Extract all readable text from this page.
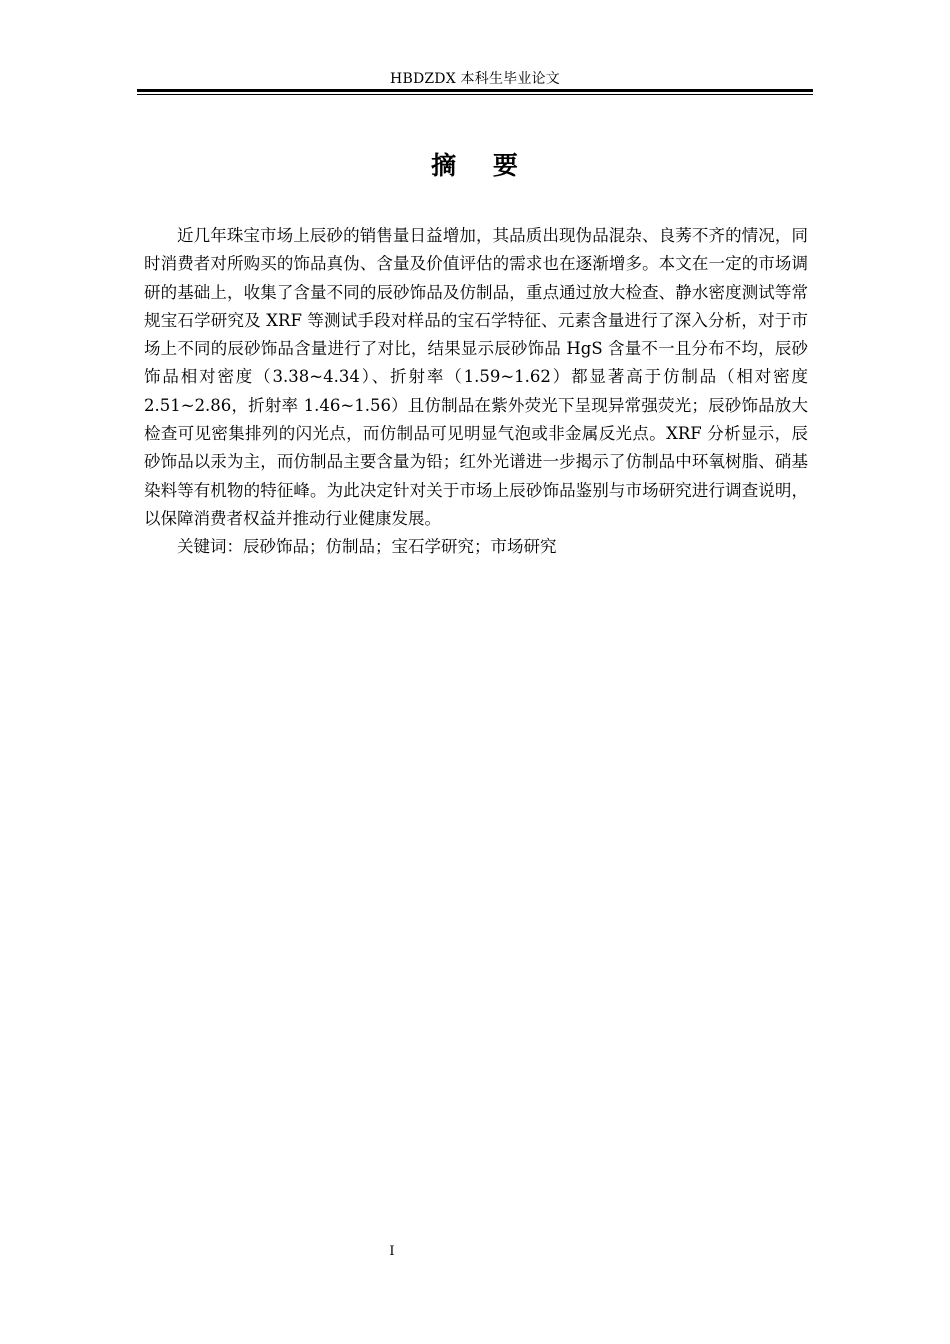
HBDZDX 本科生毕业论文
摘 要

近几年珠宝市场上辰砂的销售量日益增加，其品质出现伪品混杂、良莠不齐的情况，同时消费者对所购买的饰品真伪、含量及价值评估的需求也在逐渐增多。本文在一定的市场调研的基础上，收集了含量不同的辰砂饰品及仿制品，重点通过放大检查、静水密度测试等常规宝石学研究及 XRF 等测试手段对样品的宝石学特征、元素含量进行了深入分析，对于市场上不同的辰砂饰品含量进行了对比，结果显示辰砂饰品 HgS 含量不一且分布不均，辰砂饰品相对密度（3.38~4.34）、折射率（1.59~1.62）都显著高于仿制品（相对密度2.51~2.86，折射率 1.46~1.56）且仿制品在紫外荧光下呈现异常强荧光；辰砂饰品放大检查可见密集排列的闪光点，而仿制品可见明显气泡或非金属反光点。XRF 分析显示，辰砂饰品以汞为主，而仿制品主要含量为铅；红外光谱进一步揭示了仿制品中环氧树脂、硝基染料等有机物的特征峰。为此决定针对关于市场上辰砂饰品鉴别与市场研究进行调查说明，以保障消费者权益并推动行业健康发展。

关键词：辰砂饰品；仿制品；宝石学研究；市场研究

I
